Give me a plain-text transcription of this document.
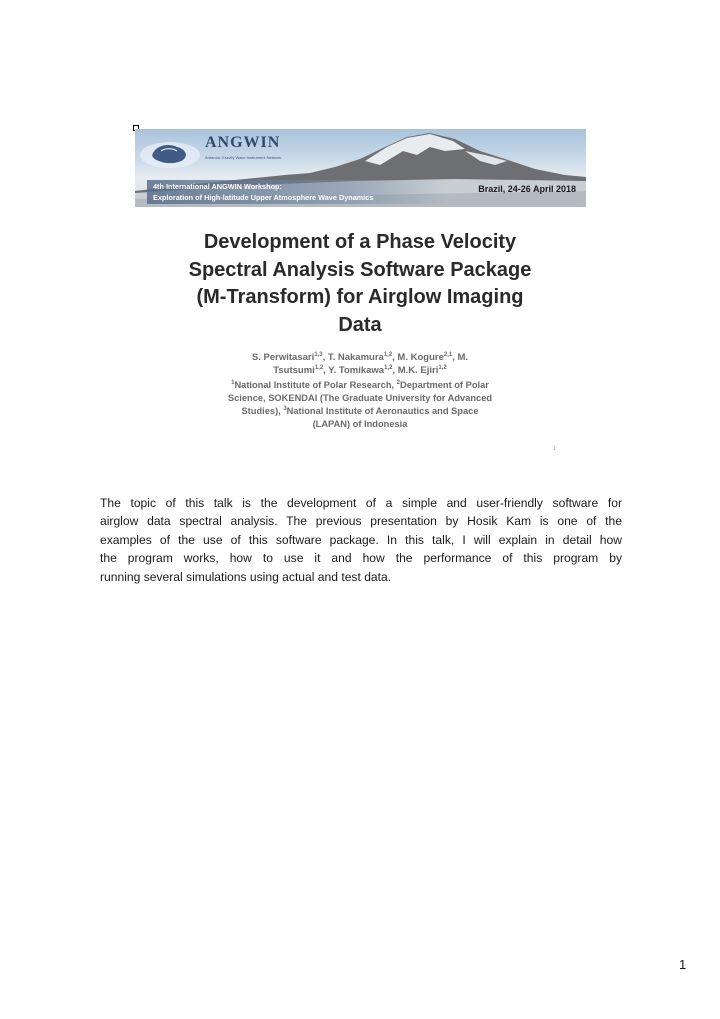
ANGWIN
Antarctic Gravity Wave Instrument Network
4th International ANGWIN Workshop:
Exploration of High-latitude Upper Atmosphere Wave Dynamics
Brazil, 24-26 April 2018
Development of a Phase Velocity
Spectral Analysis Software Package
(M-Transform) for Airglow Imaging
Data
S. Perwitasari$^{1,3}$, T. Nakamura$^{1,2}$, M. Kogure$^{2,1}$, M.
Tsutsumi$^{1,2}$, Y. Tomikawa$^{1,2}$, M.K. Ejiri$^{1,2}$
$^1$National Institute of Polar Research, $^2$Department of Polar
Science, SOKENDAI (The Graduate University for Advanced
Studies), $^3$National Institute of Aeronautics and Space
(LAPAN) of Indonesia
1
The topic of this talk is the development of a simple and user-friendly software for
airglow data spectral analysis. The previous presentation by Hosik Kam is one of the
examples of the use of this software package. In this talk, I will explain in detail how
the program works, how to use it and how the performance of this program by
running several simulations using actual and test data.
1
